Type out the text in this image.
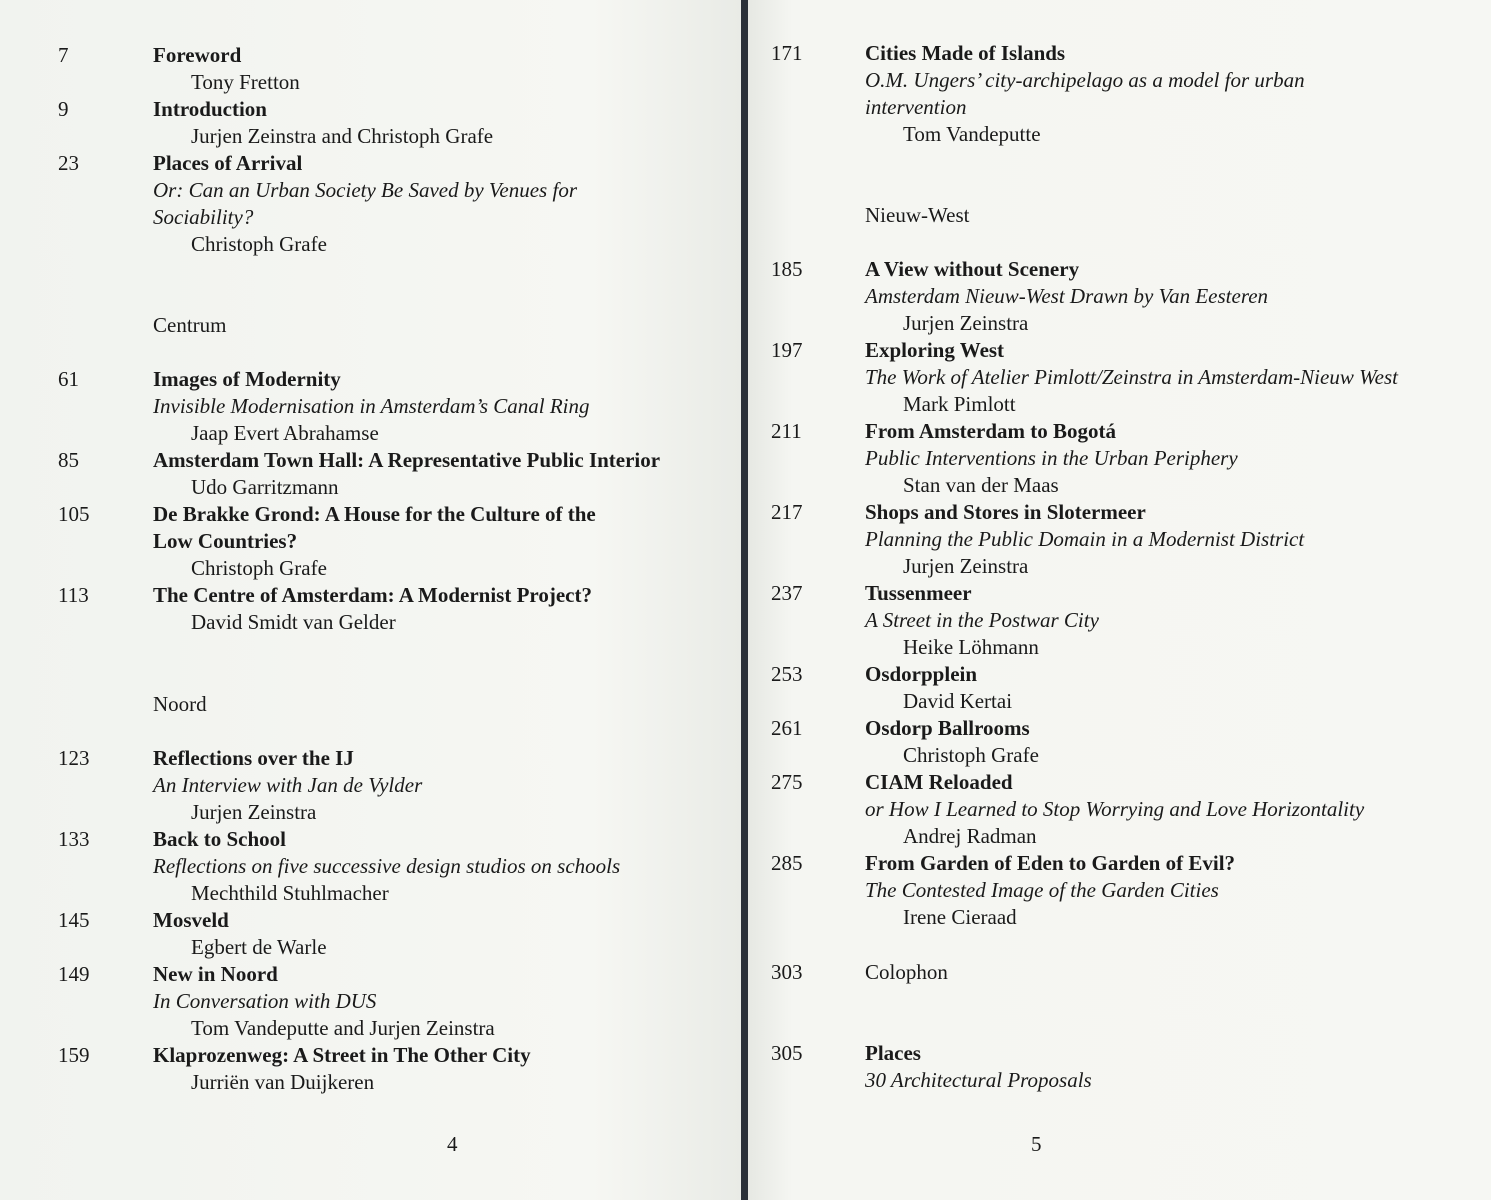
7	Foreword
Tony Fretton
9	Introduction
Jurjen Zeinstra and Christoph Grafe
23	Places of Arrival
Or: Can an Urban Society Be Saved by Venues for
Sociability?
Christoph Grafe
Centrum
61	Images of Modernity
Invisible Modernisation in Amsterdam’s Canal Ring
Jaap Evert Abrahamse
85	Amsterdam Town Hall: A Representative Public Interior
Udo Garritzmann
105	De Brakke Grond: A House for the Culture of the
Low Countries?
Christoph Grafe
113	The Centre of Amsterdam: A Modernist Project?
David Smidt van Gelder
Noord
123	Reflections over the IJ
An Interview with Jan de Vylder
Jurjen Zeinstra
133	Back to School
Reflections on five successive design studios on schools
Mechthild Stuhlmacher
145	Mosveld
Egbert de Warle
149	New in Noord
In Conversation with DUS
Tom Vandeputte and Jurjen Zeinstra
159	Klaprozenweg: A Street in The Other City
Jurriën van Duijkeren
4
171	Cities Made of Islands
O.M. Ungers’ city-archipelago as a model for urban
intervention
Tom Vandeputte
Nieuw-West
185	A View without Scenery
Amsterdam Nieuw-West Drawn by Van Eesteren
Jurjen Zeinstra
197	Exploring West
The Work of Atelier Pimlott/Zeinstra in Amsterdam-Nieuw West
Mark Pimlott
211	From Amsterdam to Bogotá
Public Interventions in the Urban Periphery
Stan van der Maas
217	Shops and Stores in Slotermeer
Planning the Public Domain in a Modernist District
Jurjen Zeinstra
237	Tussenmeer
A Street in the Postwar City
Heike Löhmann
253	Osdorpplein
David Kertai
261	Osdorp Ballrooms
Christoph Grafe
275	CIAM Reloaded
or How I Learned to Stop Worrying and Love Horizontality
Andrej Radman
285	From Garden of Eden to Garden of Evil?
The Contested Image of the Garden Cities
Irene Cieraad
303	Colophon
305	Places
30 Architectural Proposals
5
